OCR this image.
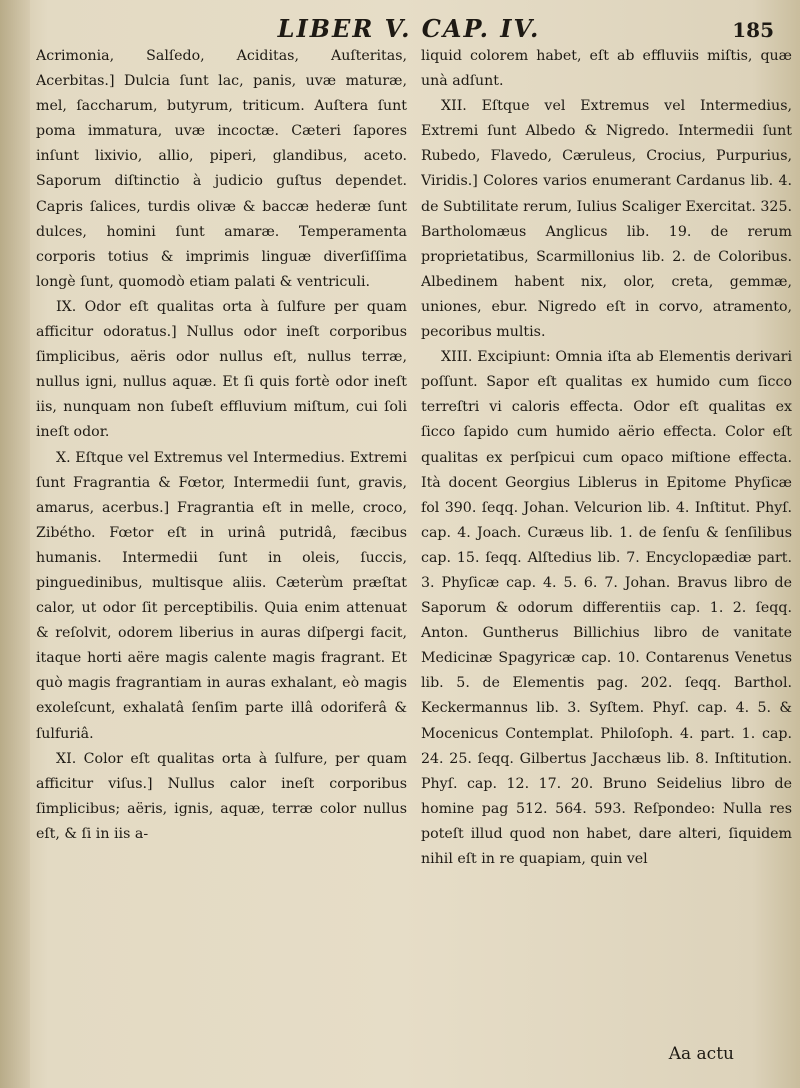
LIBER V. CAP. IV.	185

Acrimonia, Salſedo, Aciditas, Auſteritas, Acerbitas.] Dulcia ſunt lac, panis, uvæ maturæ, mel, ſaccharum, butyrum, triticum. Auſtera ſunt poma immatura, uvæ incoctæ. Cæteri ſapores inſunt lixivio, allio, piperi, glandibus, aceto. Saporum diſtinctio à judicio guſtus dependet. Capris ſalices, turdis olivæ & baccæ hederæ ſunt dulces, homini ſunt amaræ. Temperamenta corporis totius & imprimis linguæ diverſiſſima longè ſunt, quomodò etiam palati & ventriculi.

IX. Odor eſt qualitas orta à ſulfure per quam afficitur odoratus.] Nullus odor ineſt corporibus ſimplicibus, aëris odor nullus eſt, nullus terræ, nullus igni, nullus aquæ. Et ſi quis fortè odor ineſt iis, nunquam non ſubeſt effluvium miſtum, cui ſoli ineſt odor.

X. Eſtque vel Extremus vel Intermedius. Extremi ſunt Fragrantia & Fœtor, Intermedii ſunt, gravis, amarus, acerbus.] Fragrantia eſt in melle, croco, Zibétho. Fœtor eſt in urinâ putridâ, fæcibus humanis. Intermedii ſunt in oleis, ſuccis, pinguedinibus, multisque aliis. Cæterùm præſtat calor, ut odor ſit perceptibilis. Quia enim attenuat & reſolvit, odorem liberius in auras diſpergi facit, itaque horti aëre magis calente magis fragrant. Et quò magis fragrantiam in auras exhalant, eò magis exoleſcunt, exhalatâ ſenſim parte illâ odoriferâ & ſulfuriâ.

XI. Color eſt qualitas orta à ſulfure, per quam afficitur viſus.] Nullus calor ineſt corporibus ſimplicibus; aëris, ignis, aquæ, terræ color nullus eſt, & ſi in iis a-

liquid colorem habet, eſt ab effluviis miſtis, quæ unà adſunt.

XII. Eſtque vel Extremus vel Intermedius, Extremi ſunt Albedo & Nigredo. Intermedii ſunt Rubedo, Flavedo, Cæruleus, Crocius, Purpurius, Viridis.] Colores varios enumerant Cardanus lib. 4. de Subtilitate rerum, Iulius Scaliger Exercitat. 325. Bartholomæus Anglicus lib. 19. de rerum proprietatibus, Scarmillonius lib. 2. de Coloribus. Albedinem habent nix, olor, creta, gemmæ, uniones, ebur. Nigredo eſt in corvo, atramento, pecoribus multis.

XIII. Excipiunt: Omnia iſta ab Elementis derivari poſſunt. Sapor eſt qualitas ex humido cum ſicco terreſtri vi caloris effecta. Odor eſt qualitas ex ſicco ſapido cum humido aërio effecta. Color eſt qualitas ex perſpicui cum opaco miſtione effecta. Ità docent Georgius Liblerus in Epitome Phyſicæ fol 390. ſeqq. Johan. Velcurion lib. 4. Inſtitut. Phyſ. cap. 4. Joach. Curæus lib. 1. de ſenſu & ſenſilibus cap. 15. ſeqq. Alſtedius lib. 7. Encyclopædiæ part. 3. Phyſicæ cap. 4. 5. 6. 7. Johan. Bravus libro de Saporum & odorum differentiis cap. 1. 2. ſeqq. Anton. Guntherus Billichius libro de vanitate Medicinæ Spagyricæ cap. 10. Contarenus Venetus lib. 5. de Elementis pag. 202. ſeqq. Barthol. Keckermannus lib. 3. Syſtem. Phyſ. cap. 4. 5. & Mocenicus Contemplat. Philoſoph. 4. part. 1. cap. 24. 25. ſeqq. Gilbertus Jacchæus lib. 8. Inſtitution. Phyſ. cap. 12. 17. 20. Bruno Seidelius libro de homine pag 512. 564. 593. Reſpondeo: Nulla res poteſt illud quod non habet, dare alteri, ſiquidem nihil eſt in re quapiam, quin vel

Aa actu
